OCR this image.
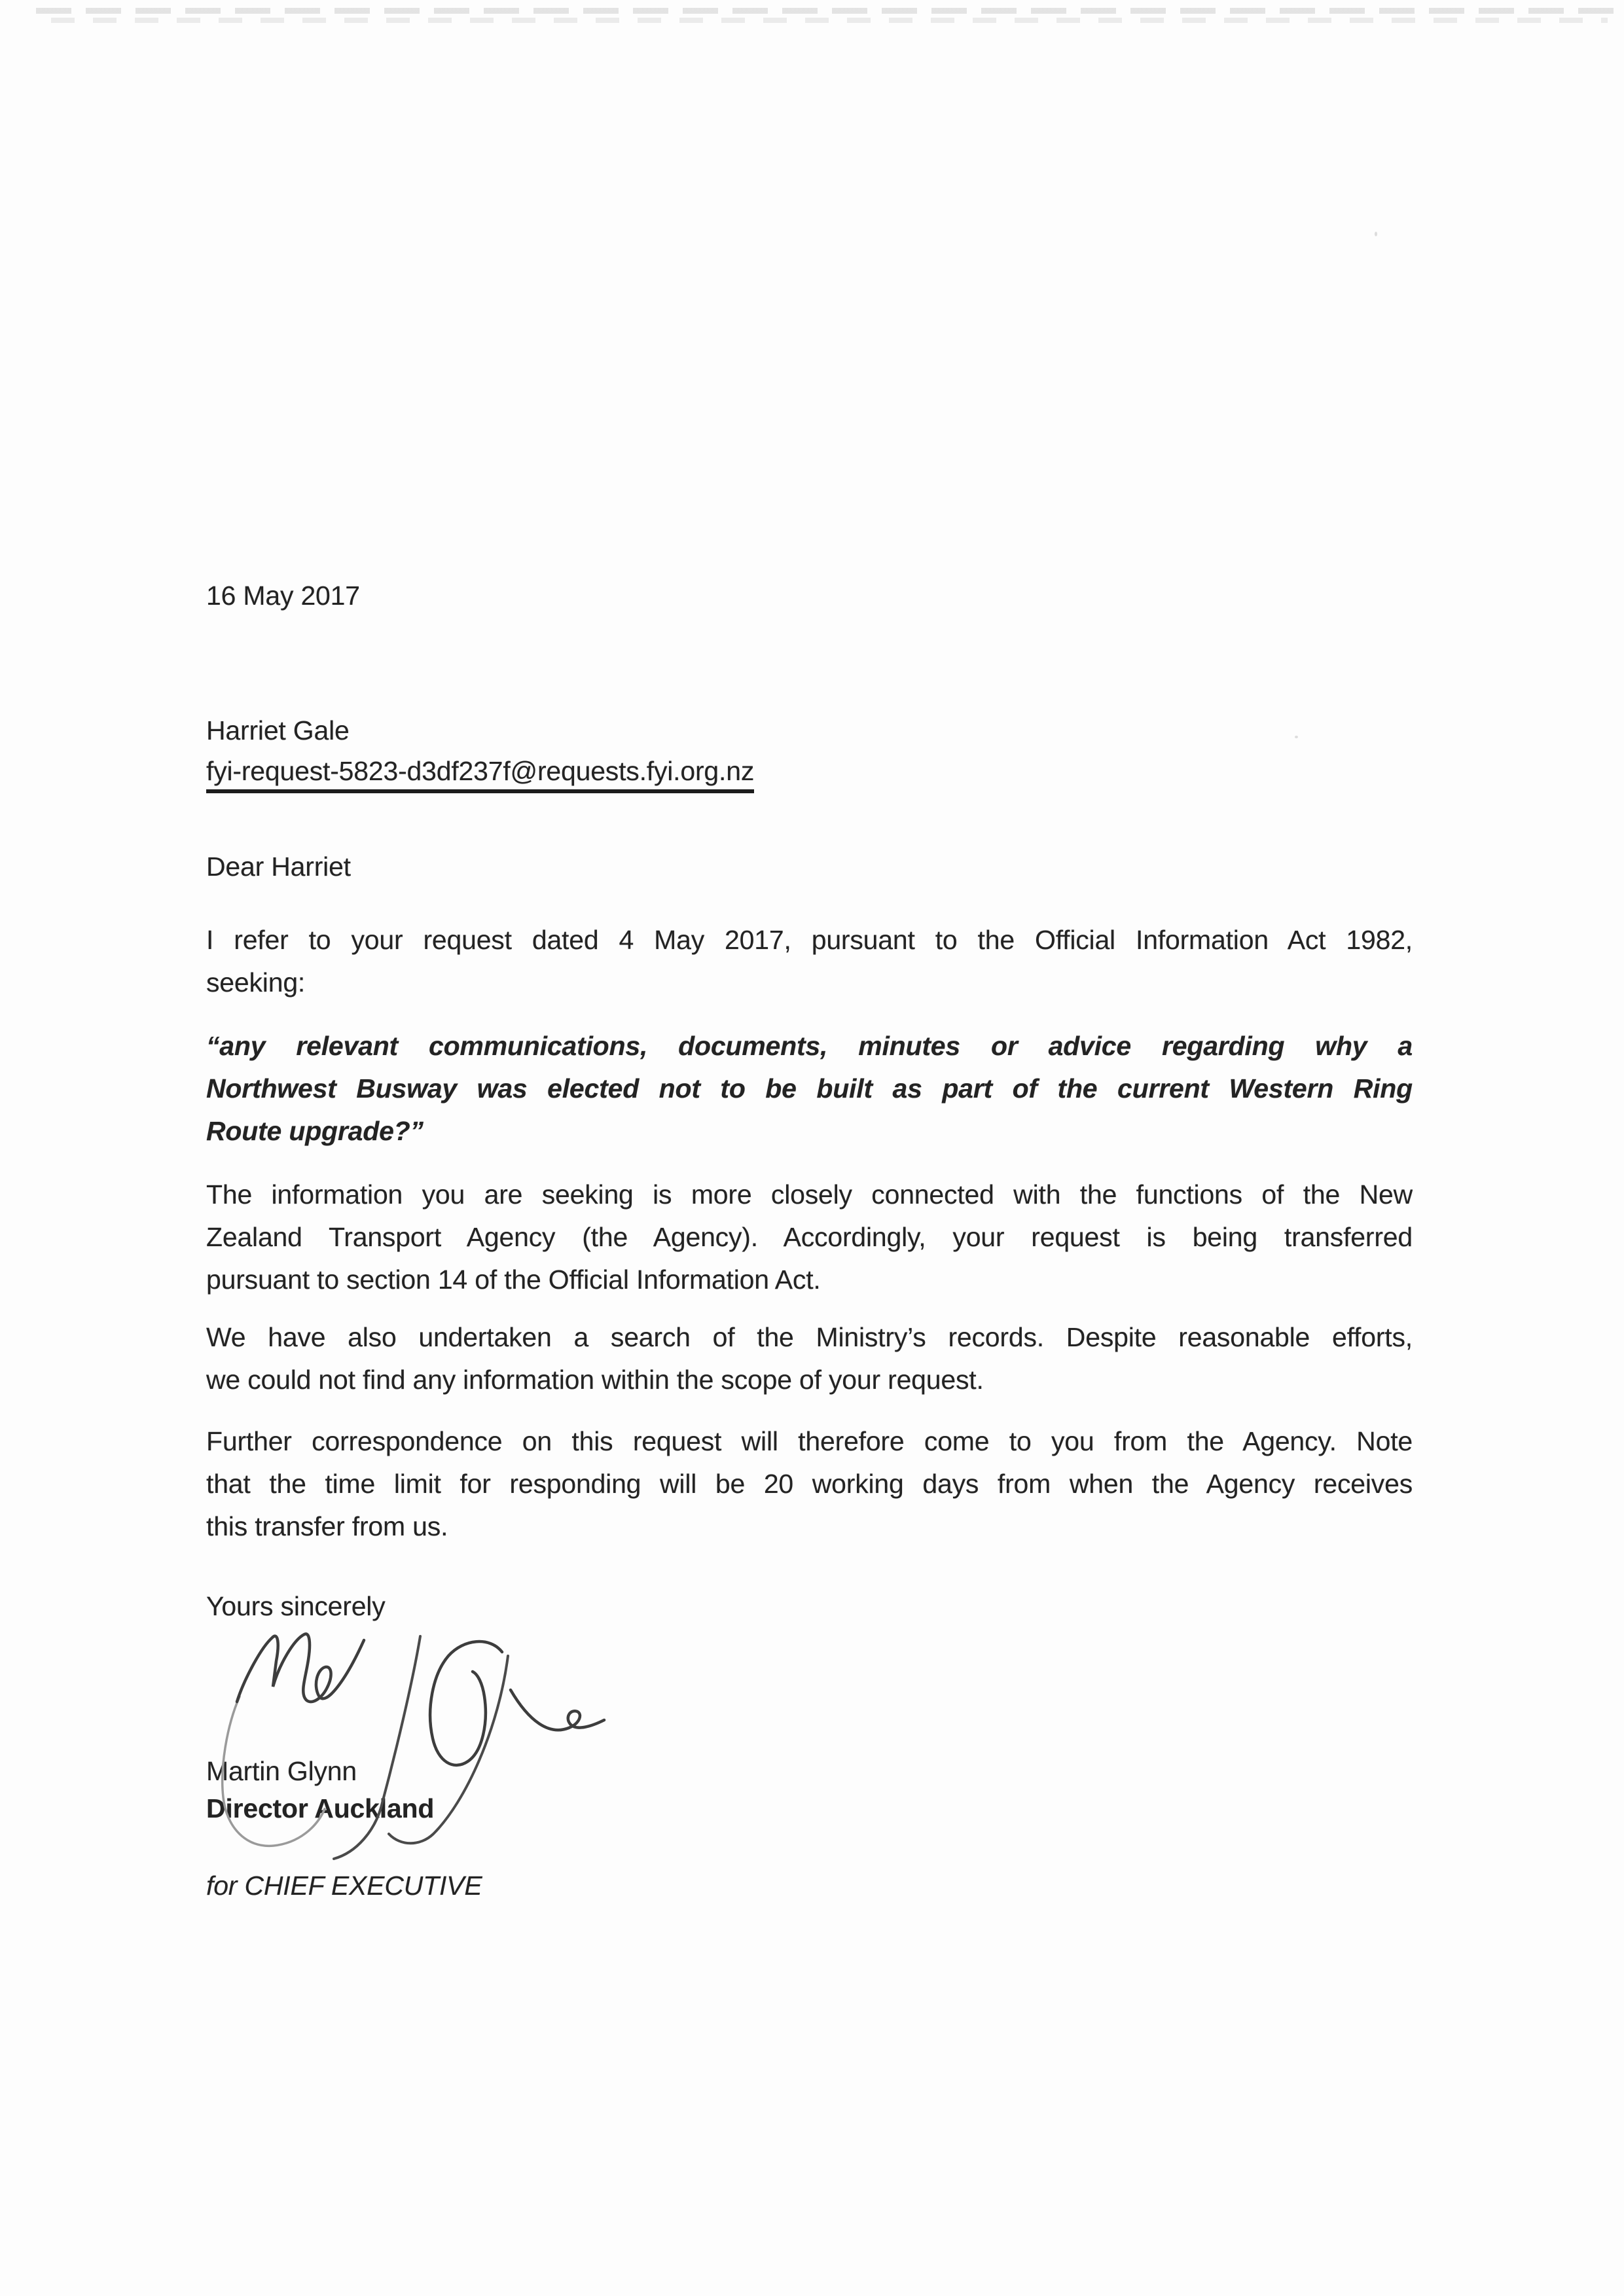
16 May 2017
Harriet Gale
fyi-request-5823-d3df237f@requests.fyi.org.nz
Dear Harriet
I refer to your request dated 4 May 2017, pursuant to the Official Information Act 1982,
seeking:
“any relevant communications, documents, minutes or advice regarding why a
Northwest Busway was elected not to be built as part of the current Western Ring
Route upgrade?”
The information you are seeking is more closely connected with the functions of the New
Zealand Transport Agency (the Agency). Accordingly, your request is being transferred
pursuant to section 14 of the Official Information Act.
We have also undertaken a search of the Ministry’s records. Despite reasonable efforts,
we could not find any information within the scope of your request.
Further correspondence on this request will therefore come to you from the Agency. Note
that the time limit for responding will be 20 working days from when the Agency receives
this transfer from us.
Yours sincerely
Martin Glynn
Director Auckland
for CHIEF EXECUTIVE
